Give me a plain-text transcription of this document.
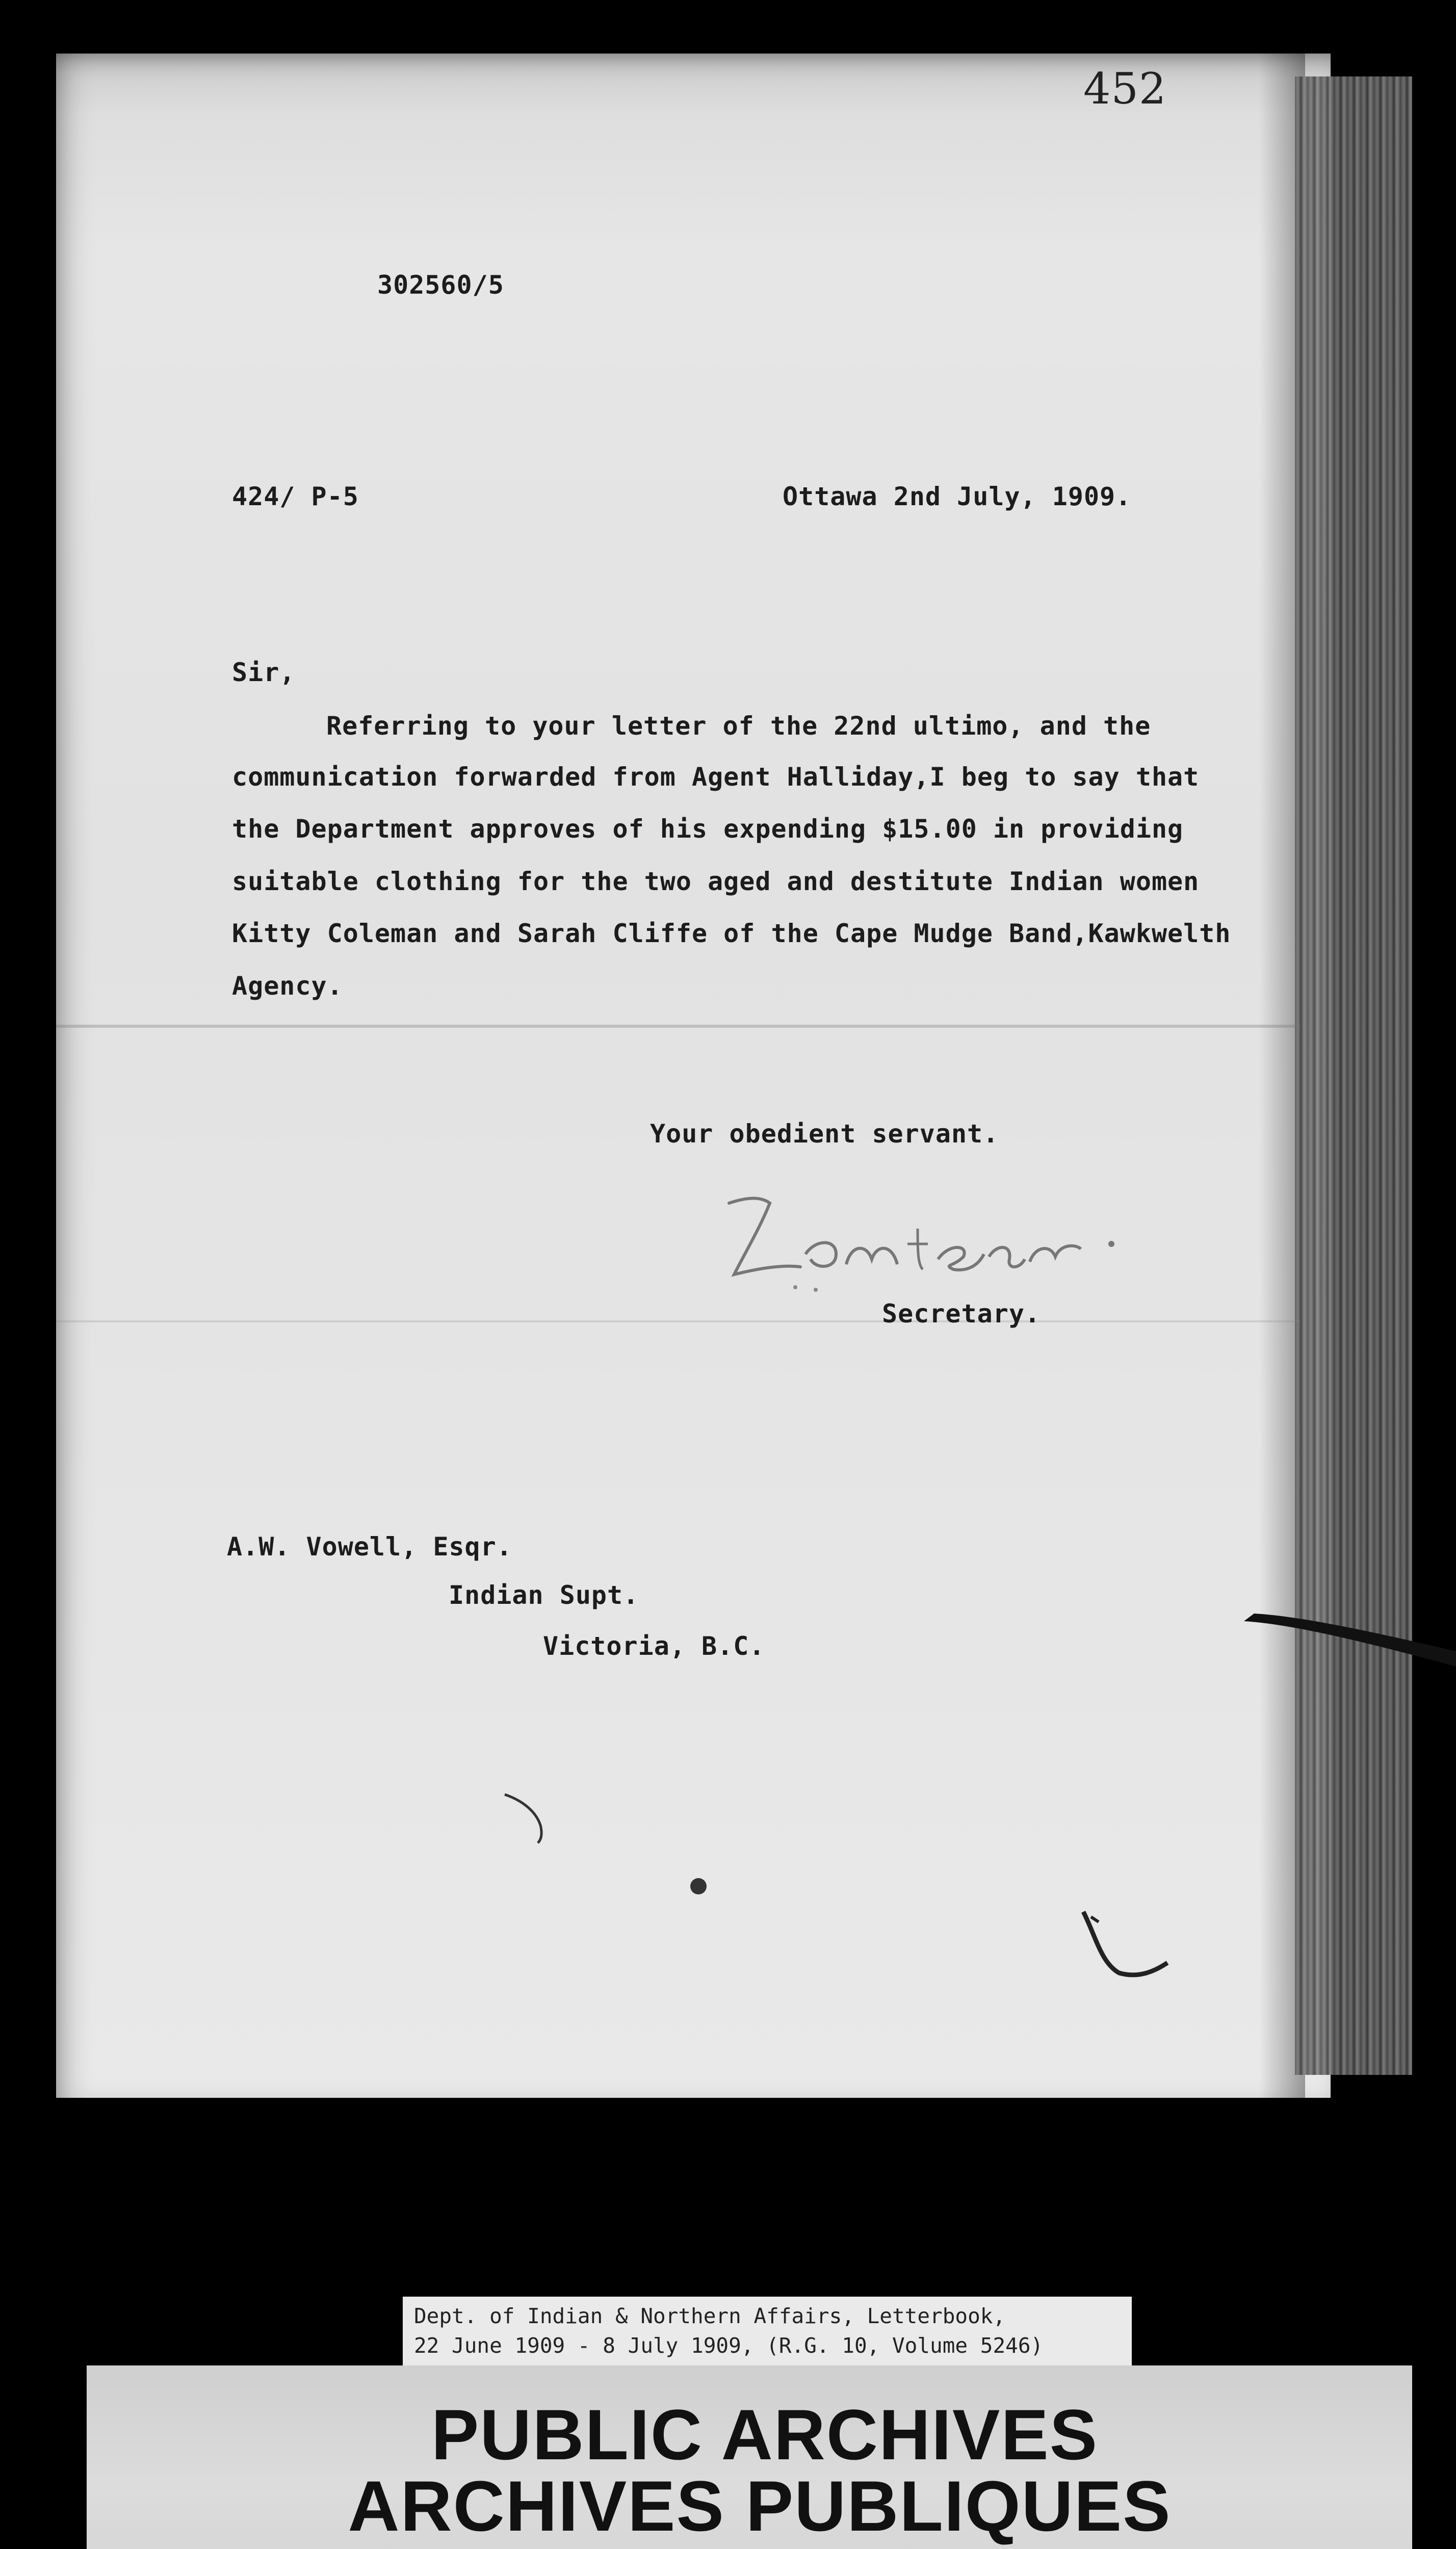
452
302560/5
424/ P-5	Ottawa 2nd July, 1909.
Sir,
Referring to your letter of the 22nd ultimo, and the
communication forwarded from Agent Halliday,I beg to say that
the Department approves of his expending $15.00 in providing
suitable clothing for the two aged and destitute Indian women
Kitty Coleman and Sarah Cliffe of the Cape Mudge Band,Kawkwelth
Agency.
Your obedient servant.
Secretary.
A.W. Vowell, Esqr.
Indian Supt.
Victoria, B.C.
Dept. of Indian & Northern Affairs, Letterbook,
22 June 1909 - 8 July 1909, (R.G. 10, Volume 5246)
PUBLIC ARCHIVES
ARCHIVES PUBLIQUES
